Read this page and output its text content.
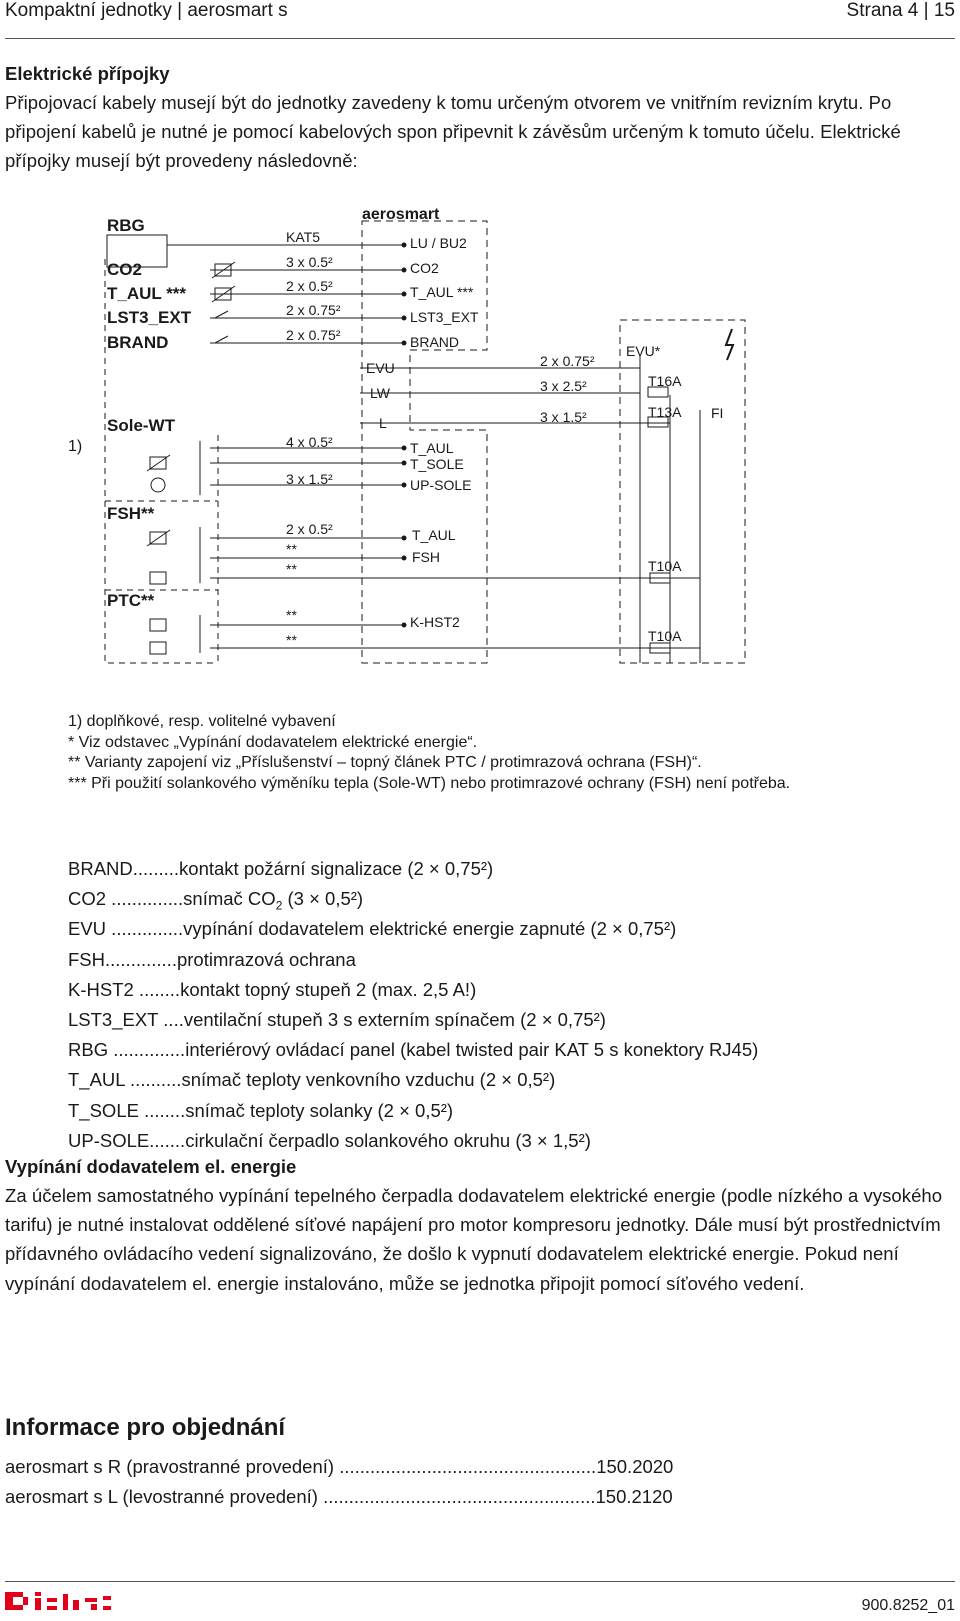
Kompaktní jednotky | aerosmart s	Strana 4 | 15
Elektrické přípojky
Připojovací kabely musejí být do jednotky zavedeny k tomu určeným otvorem ve vnitřním revizním krytu. Po připojení kabelů je nutné je pomocí kabelových spon připevnit k závěsům určeným k tomuto účelu. Elektrické přípojky musejí být provedeny následovně:
RBG
CO2
T_AUL ***
LST3_EXT
BRAND
Sole-WT
1)
FSH**
PTC**
KAT5
3 x 0.5²
2 x 0.5²
2 x 0.75²
2 x 0.75²
4 x 0.5²
3 x 1.5²
2 x 0.5²
**
**
**
**
2 x 0.75²
3 x 2.5²
3 x 1.5²
aerosmart
LU / BU2
CO2
T_AUL ***
LST3_EXT
BRAND
EVU
LW
L
T_AUL
T_SOLE
UP-SOLE
T_AUL
FSH
K-HST2
EVU*
T16A
T13A FI
T10A
T10A
1) doplňkové, resp. volitelné vybavení
* Viz odstavec „Vypínání dodavatelem elektrické energie“.
** Varianty zapojení viz „Příslušenství – topný článek PTC / protimrazová ochrana (FSH)“.
*** Při použití solankového výměníku tepla (Sole-WT) nebo protimrazové ochrany (FSH) není potřeba.
BRAND.........kontakt požární signalizace (2 × 0,75²)
CO2 ..............snímač $CO_2$ (3 × 0,5²)
EVU ..............vypínání dodavatelem elektrické energie zapnuté (2 × 0,75²)
FSH..............protimrazová ochrana
K-HST2 ........kontakt topný stupeň 2 (max. 2,5 A!)
LST3_EXT ....ventilační stupeň 3 s externím spínačem (2 × 0,75²)
RBG ..............interiérový ovládací panel (kabel twisted pair KAT 5 s konektory RJ45)
T_AUL ..........snímač teploty venkovního vzduchu (2 × 0,5²)
T_SOLE ........snímač teploty solanky (2 × 0,5²)
UP-SOLE.......cirkulační čerpadlo solankového okruhu (3 × 1,5²)
Vypínání dodavatelem el. energie
Za účelem samostatného vypínání tepelného čerpadla dodavatelem elektrické energie (podle nízkého a vysokého tarifu) je nutné instalovat oddělené síťové napájení pro motor kompresoru jednotky. Dále musí být prostřednictvím přídavného ovládacího vedení signalizováno, že došlo k vypnutí dodavatelem elektrické energie. Pokud není vypínání dodavatelem el. energie instalováno, může se jednotka připojit pomocí síťového vedení.
Informace pro objednání
aerosmart s R (pravostranné provedení) ..................................................150.2020
aerosmart s L (levostranné provedení) .....................................................150.2120
900.8252_01
